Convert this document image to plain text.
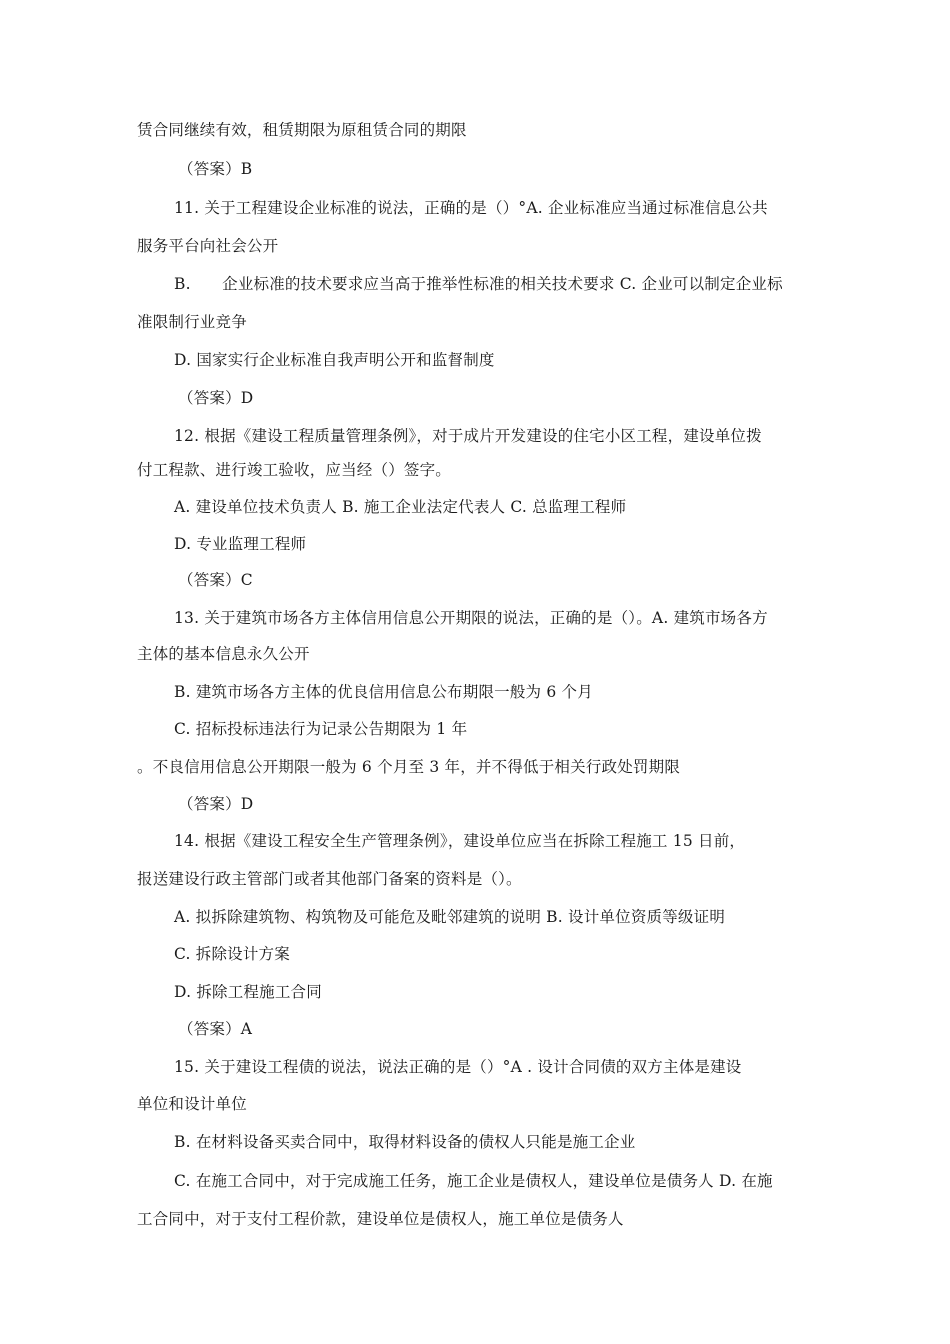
赁合同继续有效，租赁期限为原租赁合同的期限
（答案）B
11. 关于工程建设企业标准的说法，正确的是（）°A. 企业标准应当通过标准信息公共
服务平台向社会公开
B.　　企业标准的技术要求应当高于推举性标准的相关技术要求 C. 企业可以制定企业标
准限制行业竞争
D. 国家实行企业标准自我声明公开和监督制度
（答案）D
12. 根据《建设工程质量管理条例》，对于成片开发建设的住宅小区工程，建设单位拨
付工程款、进行竣工验收，应当经（）签字。
A. 建设单位技术负责人 B. 施工企业法定代表人 C. 总监理工程师
D. 专业监理工程师
（答案）C
13. 关于建筑市场各方主体信用信息公开期限的说法，正确的是（）。A. 建筑市场各方
主体的基本信息永久公开
B. 建筑市场各方主体的优良信用信息公布期限一般为 6 个月
C. 招标投标违法行为记录公告期限为 1 年
。不良信用信息公开期限一般为 6 个月至 3 年，并不得低于相关行政处罚期限
（答案）D
14. 根据《建设工程安全生产管理条例》，建设单位应当在拆除工程施工 15 日前，
报送建设行政主管部门或者其他部门备案的资料是（）。
A. 拟拆除建筑物、构筑物及可能危及毗邻建筑的说明 B. 设计单位资质等级证明
C. 拆除设计方案
D. 拆除工程施工合同
（答案）A
15. 关于建设工程债的说法，说法正确的是（）°A . 设计合同债的双方主体是建设
单位和设计单位
B. 在材料设备买卖合同中，取得材料设备的债权人只能是施工企业
C. 在施工合同中，对于完成施工任务，施工企业是债权人，建设单位是债务人 D. 在施
工合同中，对于支付工程价款，建设单位是债权人，施工单位是债务人
